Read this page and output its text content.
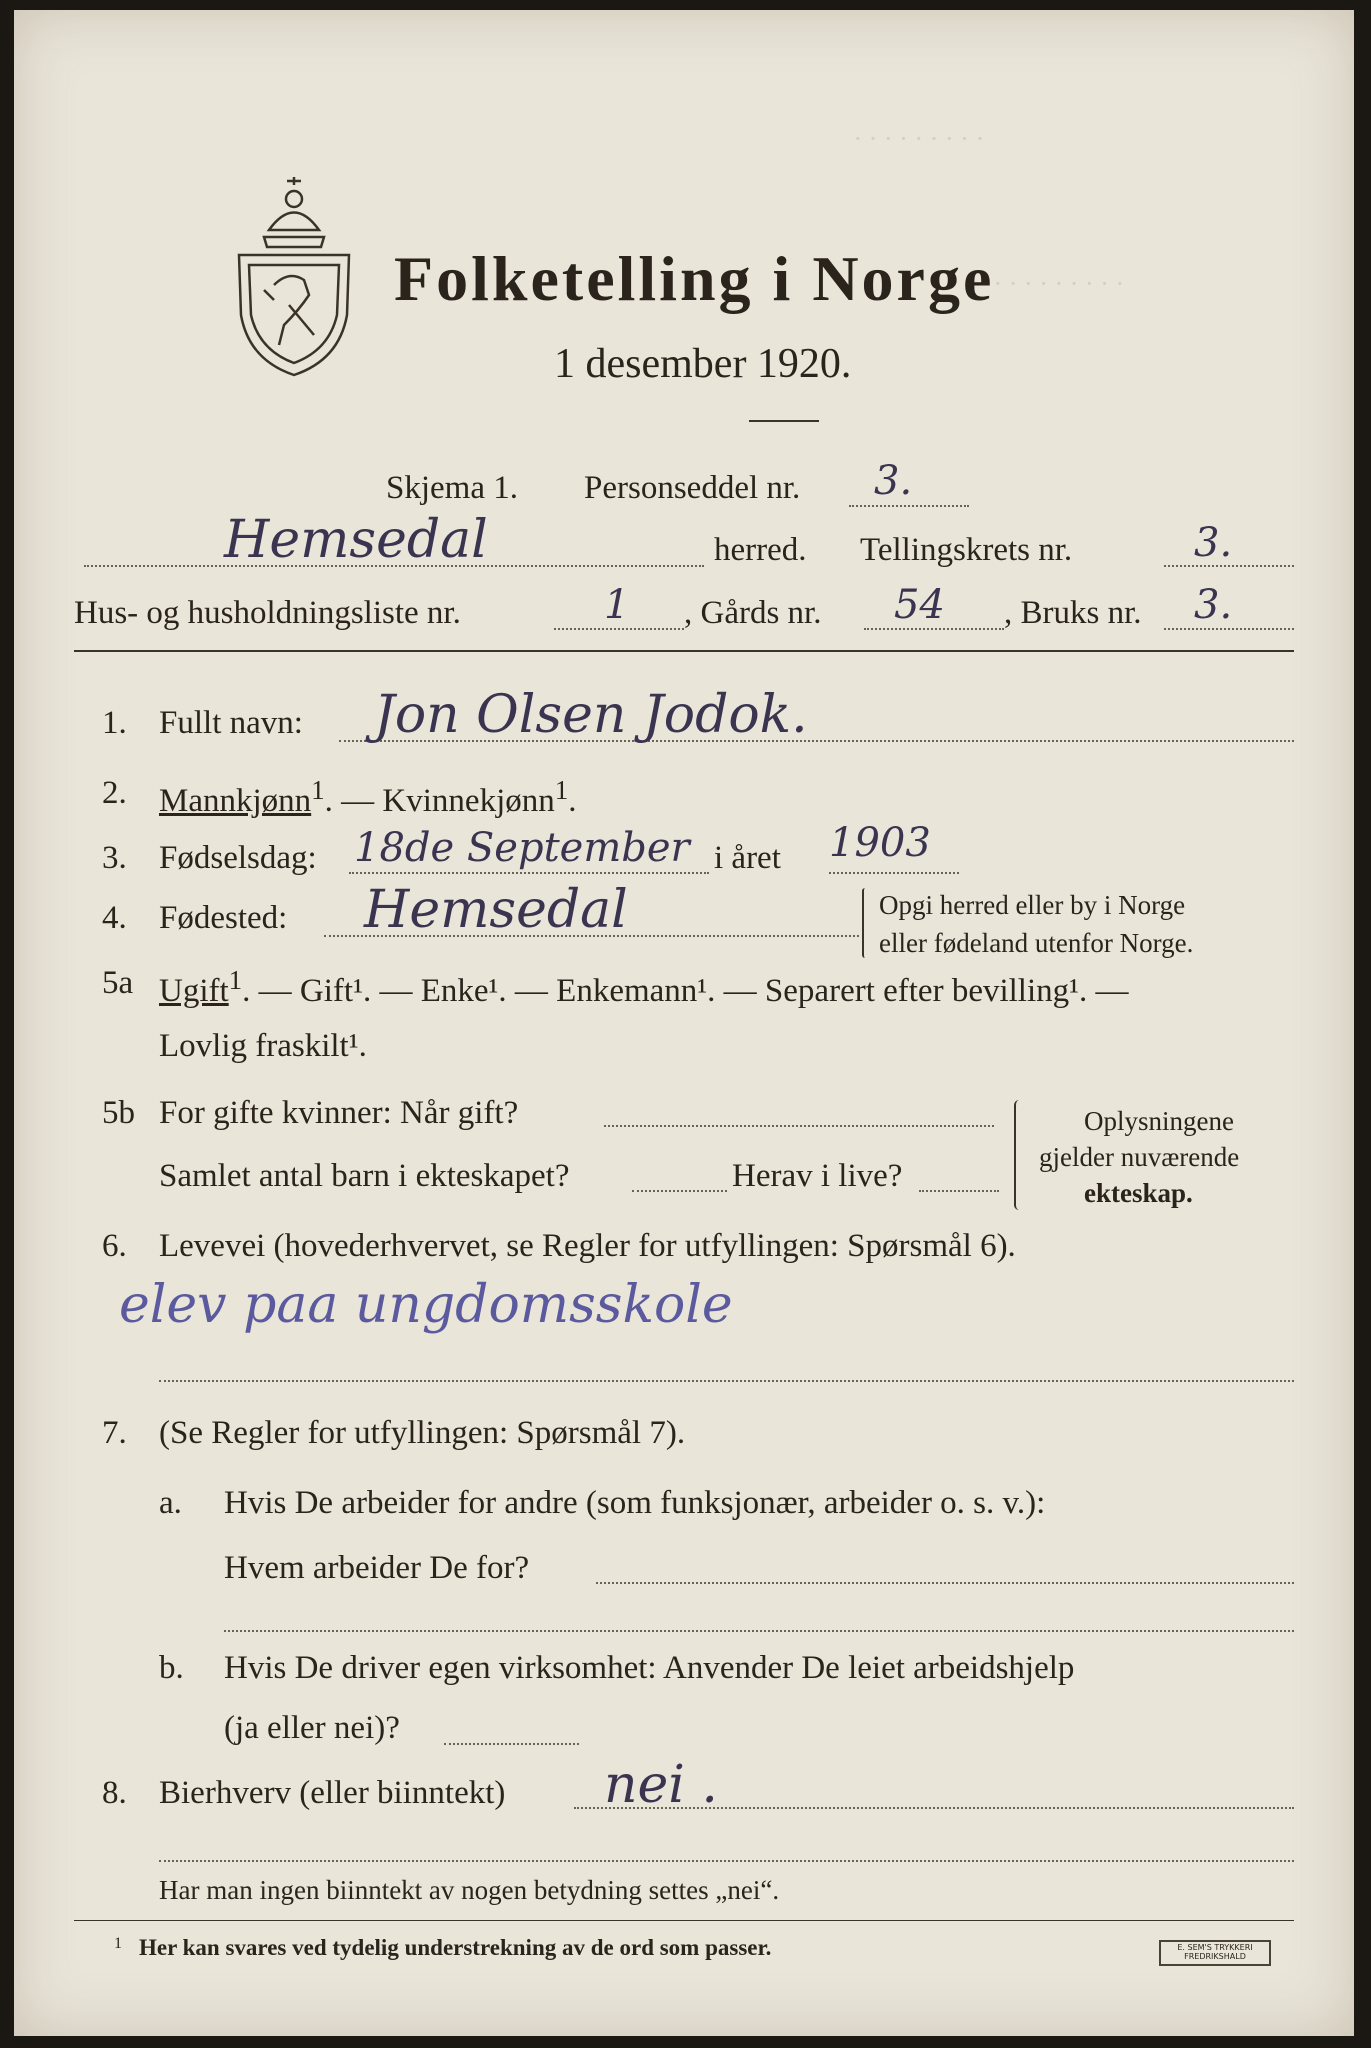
· · · · · · · · ·
· · · · · · · · ·
Folketelling i Norge
1 desember 1920.
Skjema 1. Personseddel nr. 3.
Hemsedal	herred. Tellingskrets nr.	3.
Hus- og husholdningsliste nr.	1 , Gårds nr. 54 , Bruks nr. 3.
1. Fullt navn: Jon Olsen Jodok.
2. Mannkjønn$^1$. — Kvinnekjønn$^1$.
3. Fødselsdag: 18de September i året 1903
4. Fødested: Hemsedal	Opgi herred eller by i Norge
eller fødeland utenfor Norge.
5a Ugift$^1$. — Gift¹. — Enke¹. — Enkemann¹. — Separert efter bevilling¹. —
Lovlig fraskilt¹.
5b For gifte kvinner: Når gift?
Samlet antal barn i ekteskapet?	Herav i live?
Oplysningene
gjelder nuværende
ekteskap.
6. Levevei (hovederhvervet, se Regler for utfyllingen: Spørsmål 6).
elev paa ungdomsskole
7. (Se Regler for utfyllingen: Spørsmål 7).
a. Hvis De arbeider for andre (som funksjonær, arbeider o. s. v.):
Hvem arbeider De for?
b. Hvis De driver egen virksomhet: Anvender De leiet arbeidshjelp
(ja eller nei)?
8. Bierhverv (eller biinntekt) nei .
Har man ingen biinntekt av nogen betydning settes „nei“.
1 Her kan svares ved tydelig understrekning av de ord som passer.	E. SEM'S TRYKKERI
FREDRIKSHALD
